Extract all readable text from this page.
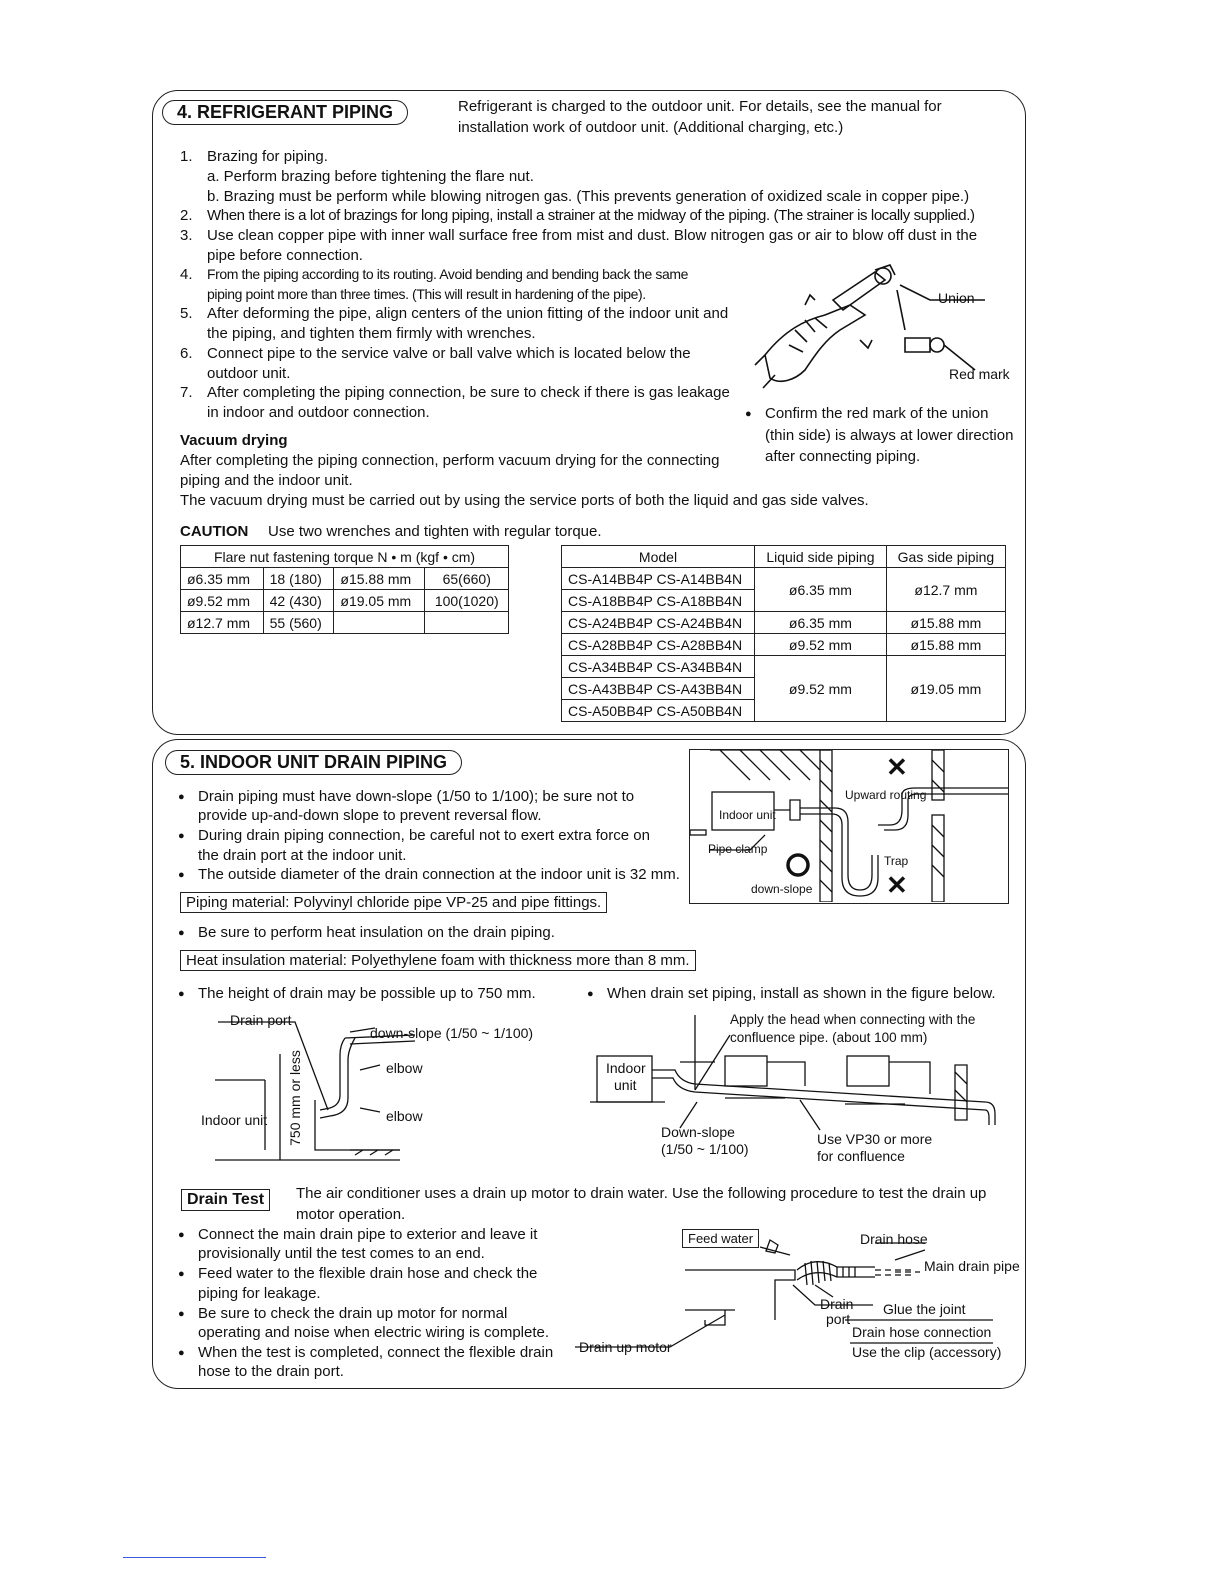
4. REFRIGERANT PIPING	Refrigerant is charged to the outdoor unit. For details, see the manual for
installation work of outdoor unit. (Additional charging, etc.)
1. Brazing for piping.
a. Perform brazing before tightening the flare nut.
b. Brazing must be perform while blowing nitrogen gas. (This prevents generation of oxidized scale in copper pipe.)
2. When there is a lot of brazings for long piping, install a strainer at the midway of the piping. (The strainer is locally supplied.)
3. Use clean copper pipe with inner wall surface free from mist and dust. Blow nitrogen gas or air to blow off dust in the
pipe before connection.
4. From the piping according to its routing. Avoid bending and bending back the same
piping point more than three times. (This will result in hardening of the pipe).
5. After deforming the pipe, align centers of the union fitting of the indoor unit and
the piping, and tighten them firmly with wrenches.
6. Connect pipe to the service valve or ball valve which is located below the
outdoor unit.
7. After completing the piping connection, be sure to check if there is gas leakage
in indoor and outdoor connection.
Union
Red mark
● Confirm the red mark of the union
(thin side) is always at lower direction
after connecting piping.
Vacuum drying
After completing the piping connection, perform vacuum drying for the connecting
piping and the indoor unit.
The vacuum drying must be carried out by using the service ports of both the liquid and gas side valves.
CAUTION Use two wrenches and tighten with regular torque.
Flare nut fastening torque N • m (kgf • cm)			
ø6.35 mm	18 (180)	ø15.88 mm	65(660)
ø9.52 mm	42 (430)	ø19.05 mm	100(1020)
ø12.7 mm	55 (560)		
Model	Liquid side piping	Gas side piping
CS-A14BB4P CS-A14BB4N	ø6.35 mm	ø12.7 mm
CS-A18BB4P CS-A18BB4N		
CS-A24BB4P CS-A24BB4N	ø6.35 mm	ø15.88 mm
CS-A28BB4P CS-A28BB4N	ø9.52 mm	ø15.88 mm
CS-A34BB4P CS-A34BB4N	ø9.52 mm	ø19.05 mm
CS-A43BB4P CS-A43BB4N		
CS-A50BB4P CS-A50BB4N		
5. INDOOR UNIT DRAIN PIPING
● Drain piping must have down-slope (1/50 to 1/100); be sure not to
provide up-and-down slope to prevent reversal flow.
● During drain piping connection, be careful not to exert extra force on
the drain port at the indoor unit.
● The outside diameter of the drain connection at the indoor unit is 32 mm.
Piping material: Polyvinyl chloride pipe VP-25 and pipe fittings.
● Be sure to perform heat insulation on the drain piping.
Heat insulation material: Polyethylene foam with thickness more than 8 mm.
Indoor unit
Pipe clamp
down-slope
Upward routing
Trap
✕
✕
● The height of drain may be possible up to 750 mm.	● When drain set piping, install as shown in the figure below.
Drain port
down-slope (1/50 ~ 1/100)
elbow
elbow
Indoor unit 750 mm or less
Apply the head when connecting with the
confluence pipe. (about 100 mm)
Indoor
unit
Down-slope
(1/50 ~ 1/100)
Use VP30 or more
for confluence
Drain Test	The air conditioner uses a drain up motor to drain water. Use the following procedure to test the drain up
motor operation.
● Connect the main drain pipe to exterior and leave it
provisionally until the test comes to an end.
● Feed water to the flexible drain hose and check the
piping for leakage.
● Be sure to check the drain up motor for normal
operating and noise when electric wiring is complete.
● When the test is completed, connect the flexible drain
hose to the drain port.
Feed water	Drain hose
Main drain pipe
Drain
port
Glue the joint
Drain hose connection
Use the clip (accessory)
Drain up motor
